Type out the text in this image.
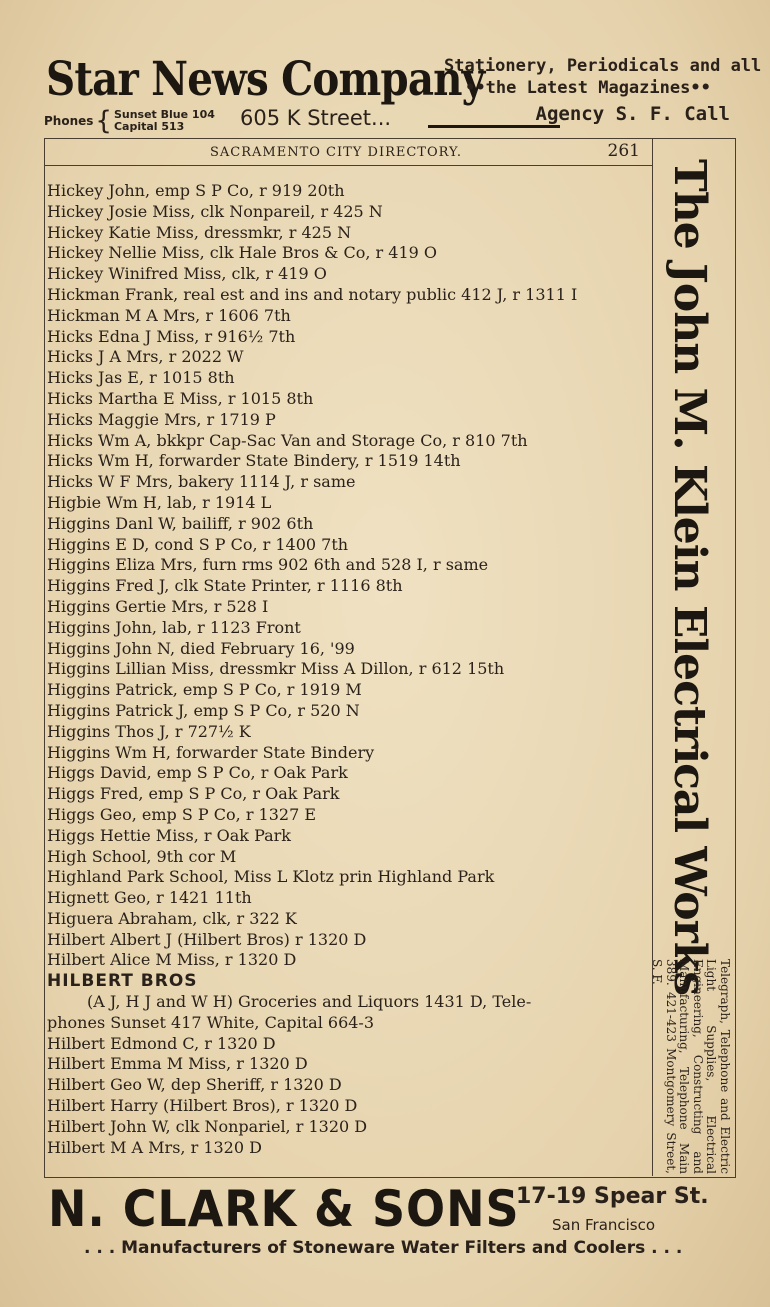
Star News Company
Phones { Sunset Blue 104
Capital 513	605 K Street...
Stationery, Periodicals and all
••the Latest Magazines••
Agency S. F. Call
SACRAMENTO CITY DIRECTORY.	261
Hickey John, emp S P Co, r 919 20th
Hickey Josie Miss, clk Nonpareil, r 425 N
Hickey Katie Miss, dressmkr, r 425 N
Hickey Nellie Miss, clk Hale Bros & Co, r 419 O
Hickey Winifred Miss, clk, r 419 O
Hickman Frank, real est and ins and notary public 412 J, r 1311 I
Hickman M A Mrs, r 1606 7th
Hicks Edna J Miss, r 916½ 7th
Hicks J A Mrs, r 2022 W
Hicks Jas E, r 1015 8th
Hicks Martha E Miss, r 1015 8th
Hicks Maggie Mrs, r 1719 P
Hicks Wm A, bkkpr Cap-Sac Van and Storage Co, r 810 7th
Hicks Wm H, forwarder State Bindery, r 1519 14th
Hicks W F Mrs, bakery 1114 J, r same
Higbie Wm H, lab, r 1914 L
Higgins Danl W, bailiff, r 902 6th
Higgins E D, cond S P Co, r 1400 7th
Higgins Eliza Mrs, furn rms 902 6th and 528 I, r same
Higgins Fred J, clk State Printer, r 1116 8th
Higgins Gertie Mrs, r 528 I
Higgins John, lab, r 1123 Front
Higgins John N, died February 16, '99
Higgins Lillian Miss, dressmkr Miss A Dillon, r 612 15th
Higgins Patrick, emp S P Co, r 1919 M
Higgins Patrick J, emp S P Co, r 520 N
Higgins Thos J, r 727½ K
Higgins Wm H, forwarder State Bindery
Higgs David, emp S P Co, r Oak Park
Higgs Fred, emp S P Co, r Oak Park
Higgs Geo, emp S P Co, r 1327 E
Higgs Hettie Miss, r Oak Park
High School, 9th cor M
Highland Park School, Miss L Klotz prin Highland Park
Hignett Geo, r 1421 11th
Higuera Abraham, clk, r 322 K
Hilbert Albert J (Hilbert Bros) r 1320 D
Hilbert Alice M Miss, r 1320 D
HILBERT BROS
(A J, H J and W H) Groceries and Liquors 1431 D, Tele-
phones Sunset 417 White, Capital 664-3
Hilbert Edmond C, r 1320 D
Hilbert Emma M Miss, r 1320 D
Hilbert Geo W, dep Sheriff, r 1320 D
Hilbert Harry (Hilbert Bros), r 1320 D
Hilbert John W, clk Nonpariel, r 1320 D
Hilbert M A Mrs, r 1320 D
The John M. Klein Electrical Works
Telegraph, Telephone and Electric Light Supplies, Electrical Engineering, Constructing and Manufacturing, Telephone Main 389. 421-423 Montgomery Street, S. F.
N. CLARK & SONS
17-19 Spear St.
San Francisco
. . . Manufacturers of Stoneware Water Filters and Coolers . . .
